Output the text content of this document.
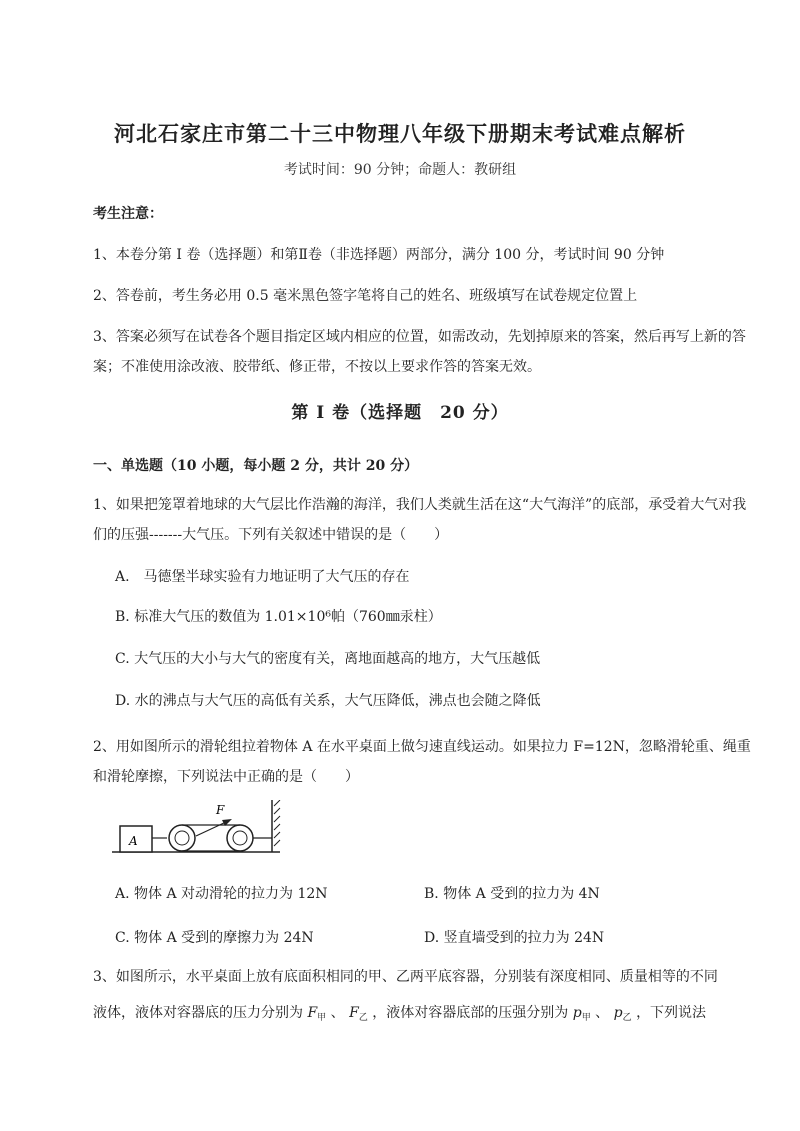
河北石家庄市第二十三中物理八年级下册期末考试难点解析
考试时间：90 分钟；命题人：教研组
考生注意：
1、本卷分第 I 卷（选择题）和第Ⅱ卷（非选择题）两部分，满分 100 分，考试时间 90 分钟
2、答卷前，考生务必用 0.5 毫米黑色签字笔将自己的姓名、班级填写在试卷规定位置上
3、答案必须写在试卷各个题目指定区域内相应的位置，如需改动，先划掉原来的答案，然后再写上新的答案；不准使用涂改液、胶带纸、修正带，不按以上要求作答的答案无效。
第 I 卷（选择题　20 分）
一、单选题（10 小题，每小题 2 分，共计 20 分）
1、如果把笼罩着地球的大气层比作浩瀚的海洋，我们人类就生活在这“大气海洋”的底部，承受着大气对我们的压强-------大气压。下列有关叙述中错误的是（　　）
A.　马德堡半球实验有力地证明了大气压的存在
B. 标准大气压的数值为 1.01×10⁶帕（760㎜汞柱）
C. 大气压的大小与大气的密度有关，离地面越高的地方，大气压越低
D. 水的沸点与大气压的高低有关系，大气压降低，沸点也会随之降低
2、用如图所示的滑轮组拉着物体 A 在水平桌面上做匀速直线运动。如果拉力 F=12N，忽略滑轮重、绳重和滑轮摩擦，下列说法中正确的是（　　）
A
F
A. 物体 A 对动滑轮的拉力为 12N	B. 物体 A 受到的拉力为 4N
C. 物体 A 受到的摩擦力为 24N	D. 竖直墙受到的拉力为 24N
3、如图所示，水平桌面上放有底面积相同的甲、乙两平底容器，分别装有深度相同、质量相等的不同
液体，液体对容器底的压力分别为 $F_甲$ 、 $F_乙$ ，液体对容器底部的压强分别为 $p_甲$ 、 $p_乙$ ，下列说法
